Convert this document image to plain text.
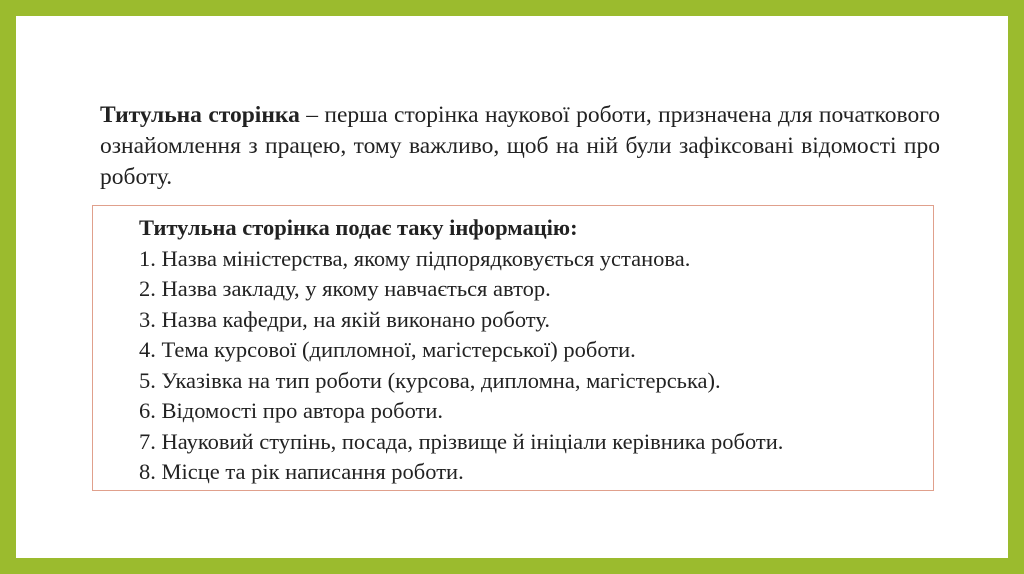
Титульна сторінка – перша сторінка наукової роботи, призначена для початкового ознайомлення з працею, тому важливо, щоб на ній були зафіксовані відомості про роботу.

Титульна сторінка подає таку інформацію:
1. Назва міністерства, якому підпорядковується установа.
2. Назва закладу, у якому навчається автор.
3. Назва кафедри, на якій виконано роботу.
4. Тема курсової (дипломної, магістерської) роботи.
5. Указівка на тип роботи (курсова, дипломна, магістерська).
6. Відомості про автора роботи.
7. Науковий ступінь, посада, прізвище й ініціали керівника роботи.
8. Місце та рік написання роботи.
